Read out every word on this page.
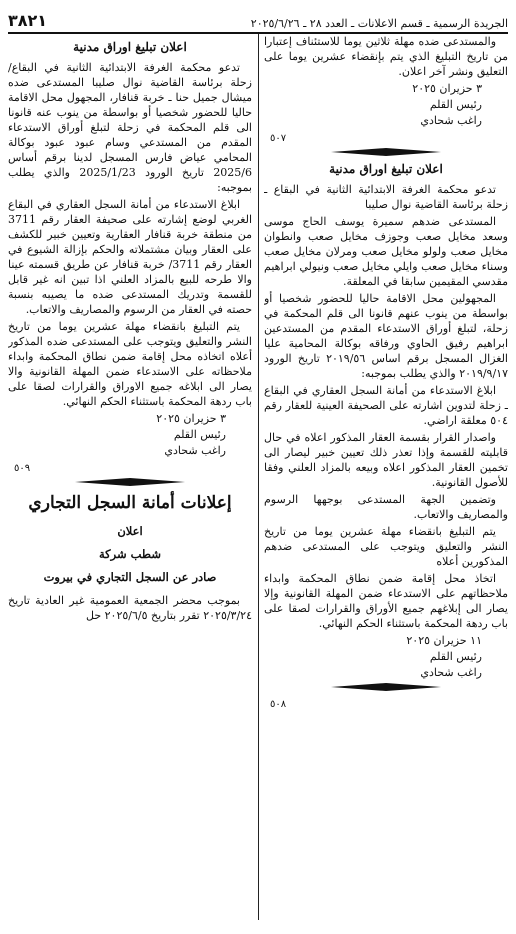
الجريدة الرسمية ـ قسم الاعلانات ـ العدد ٢٨ ـ ٢٠٢٥/٦/٢٦
٣٨٢١

والمستدعى ضده مهلة ثلاثين يوما للاستئناف إعتبارا من تاريخ التبليغ الذي يتم بإنقضاء عشرين يوما على التعليق ونشر آخر اعلان.

٣ حزيران ٢٠٢٥
رئيس القلم
راغب شحادي

٥٠٧

اعلان تبليغ اوراق مدنية

تدعو محكمة الغرفة الابتدائية الثانية في البقاع ـ زحلة برئاسة القاضية نوال صليبا

المستدعى ضدهم سميرة يوسف الحاج موسى وسعد مخايل صعب وجوزف مخايل صعب وانطوان مخايل صعب ولولو مخايل صعب ومرلان مخايل صعب وسناء مخايل صعب وايلي مخايل صعب ونيولي ابراهيم مقدسي المقيمين سابقا في المعلقة.

المجهولين محل الاقامة حاليا للحضور شخصيا أو بواسطة من ينوب عنهم قانونا الى قلم المحكمة في زحلة، لتبلغ أوراق الاستدعاء المقدم من المستدعين ابراهيم رفيق الحاوي ورفاقه بوكالة المحامية عليا الغزال المسجل برقم اساس ٢٠١٩/٥٦ تاريخ الورود ٢٠١٩/٩/١٧ والذي يطلب بموجبه:

ابلاغ الاستدعاء من أمانة السجل العقاري في البقاع ـ زحلة لتدوين اشارته على الصحيفة العينية للعقار رقم ٥٠٤ معلقة اراضي.

واصدار القرار بقسمة العقار المذكور اعلاه في حال قابليته للقسمة وإذا تعذر ذلك تعيين خبير ليصار الى تخمين العقار المذكور اعلاه وبيعه بالمزاد العلني وفقا للأصول القانونية.

وتضمين الجهة المستدعى بوجهها الرسوم والمصاريف والاتعاب.

يتم التبليغ بانقضاء مهلة عشرين يوما من تاريخ النشر والتعليق ويتوجب على المستدعى ضدهم المذكورين أعلاه

اتخاذ محل إقامة ضمن نطاق المحكمة وابداء ملاحظاتهم على الاستدعاء ضمن المهلة القانونية وإلا يصار الى إبلاغهم جميع الأوراق والقرارات لصقا على باب ردهة المحكمة باستثناء الحكم النهائي.

١١ حزيران ٢٠٢٥
رئيس القلم
راغب شحادي

٥٠٨

اعلان تبليغ اوراق مدنية

تدعو محكمة الغرفة الابتدائية الثانية في البقاع/ زحلة برئاسة القاضية نوال صليبا المستدعى ضده ميشال جميل حنا ـ خربة قنافار، المجهول محل الاقامة حاليا للحضور شخصيا أو بواسطة من ينوب عنه قانونا الى قلم المحكمة في زحلة لتبلغ أوراق الاستدعاء المقدم من المستدعي وسام عبود عبود بوكالة المحامي عياض فارس المسجل لدينا برقم أساس 2025/6 تاريخ الورود 2025/1/23 والذي يطلب بموجبه:

ابلاغ الاستدعاء من أمانة السجل العقاري في البقاع الغربي لوضع إشارته على صحيفة العقار رقم 3711 من منطقة خربة قنافار العقارية وتعيين خبير للكشف على العقار وبيان مشتملاته والحكم بإزالة الشيوع في العقار رقم 3711/ خربة قنافار عن طريق قسمته عينا والا طرحه للبيع بالمزاد العلني اذا تبين انه غير قابل للقسمة وتدريك المستدعى ضده ما يصيبه بنسبة حصته في العقار من الرسوم والمصاريف والاتعاب.

يتم التبليغ بانقضاء مهلة عشرين يوما من تاريخ النشر والتعليق ويتوجب على المستدعى ضده المذكور أعلاه اتخاذه محل إقامة ضمن نطاق المحكمة وابداء ملاحظاته على الاستدعاء ضمن المهلة القانونية والا يصار الى ابلاغه جميع الاوراق والقرارات لصقا على باب ردهة المحكمة باستثناء الحكم النهائي.

٣ حزيران ٢٠٢٥
رئيس القلم
راغب شحادي

٥٠٩

إعلانات أمانة السجل التجاري

اعلان

شطب شركة

صادر عن السجل التجاري في بيروت

بموجب محضر الجمعية العمومية غير العادية تاريخ ٢٠٢٥/٣/٢٤ تقرر بتاريخ ٢٠٢٥/٦/٥ حل
